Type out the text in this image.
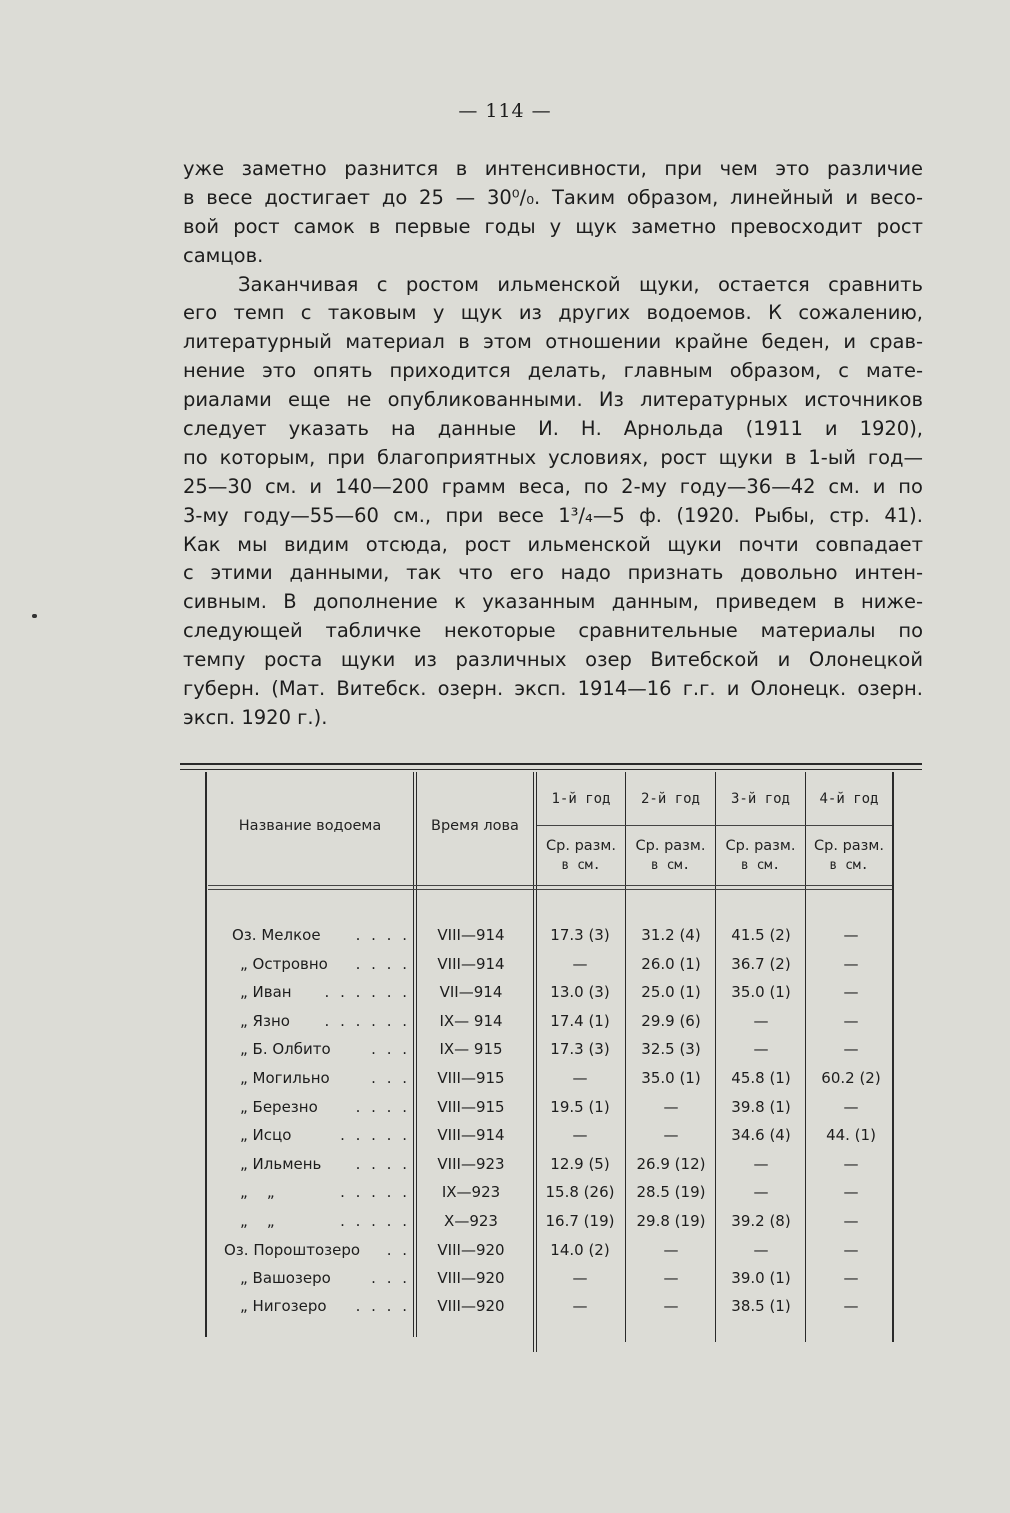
— 114 —
уже заметно разнится в интенсивности, при чем это различие
в весе достигает до 25 — 30⁰/₀. Таким образом, линейный и весо-
вой рост самок в первые годы у щук заметно превосходит рост
самцов.
Заканчивая с ростом ильменской щуки, остается сравнить
его темп с таковым у щук из других водоемов. К сожалению,
литературный материал в этом отношении крайне беден, и срав-
нение это опять приходится делать, главным образом, с мате-
риалами еще не опубликованными. Из литературных источников
следует указать на данные И. Н. Арнольда (1911 и 1920),
по которым, при благоприятных условиях, рост щуки в 1-ый год—
25—30 см. и 140—200 грамм веса, по 2-му году—36—42 см. и по
3-му году—55—60 см., при весе 1³/₄—5 ф. (1920. Рыбы, стр. 41).
Как мы видим отсюда, рост ильменской щуки почти совпадает
с этими данными, так что его надо признать довольно интен-
сивным. В дополнение к указанным данным, приведем в ниже-
следующей табличке некоторые сравнительные материалы по
темпу роста щуки из различных озер Витебской и Олонецкой
губерн. (Мат. Витебск. озерн. эксп. 1914—16 г.г. и Олонецк. озерн.
эксп. 1920 г.).
Название водоема	Время лова
1-й год	2-й год	3-й год	4-й год
Ср. разм.
в см.
Ср. разм.
в см.
Ср. разм.
в см.
Ср. разм.
в см.
Оз. Мелкое	. . . .	VIII—914	17.3 (3)	31.2 (4)	41.5 (2)	—
„ Островно	. . . .	VIII—914	—	26.0 (1)	36.7 (2)	—
„ Иван	. . . . . .	VII—914	13.0 (3)	25.0 (1)	35.0 (1)	—
„ Язно	. . . . . .	IX— 914	17.4 (1)	29.9 (6)	—	—
„ Б. Олбито	. . .	IX— 915	17.3 (3)	32.5 (3)	—	—
„ Могильно	. . .	VIII—915	—	35.0 (1)	45.8 (1)	60.2 (2)
„ Березно	. . . .	VIII—915	19.5 (1)	—	39.8 (1)	—
„ Исцо	. . . . .	VIII—914	—	—	34.6 (4)	44. (1)
„ Ильмень	. . . .	VIII—923	12.9 (5)	26.9 (12)	—	—
„    „	. . . . .	IX—923	15.8 (26)	28.5 (19)	—	—
„    „	. . . . .	X—923	16.7 (19)	29.8 (19)	39.2 (8)	—
Оз. Пороштозеро	. .	VIII—920	14.0 (2)	—	—	—
„ Вашозеро	. . .	VIII—920	—	—	39.0 (1)	—
„ Нигозеро	. . . .	VIII—920	—	—	38.5 (1)	—
